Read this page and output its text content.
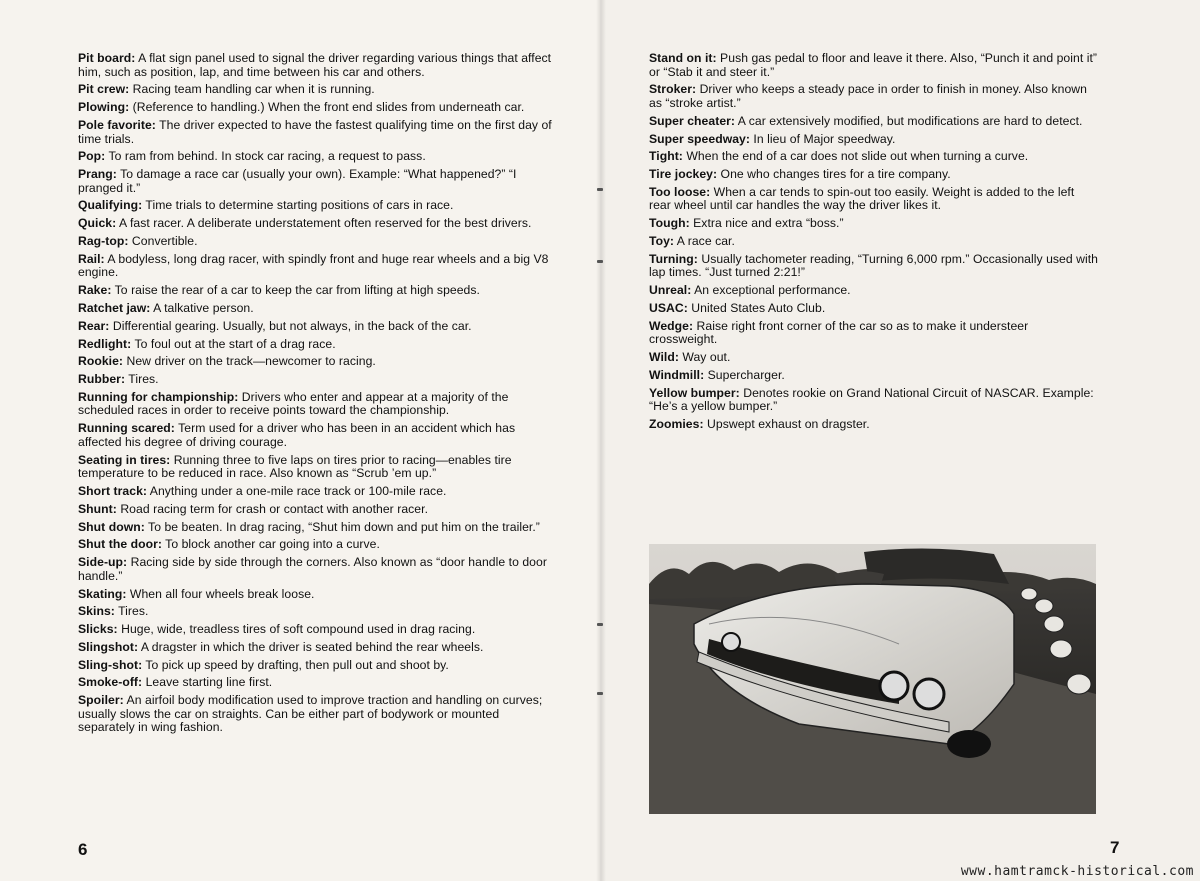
Pit board: A flat sign panel used to signal the driver regarding various things that affect him, such as position, lap, and time between his car and others.
Pit crew: Racing team handling car when it is running.
Plowing: (Reference to handling.) When the front end slides from underneath car.
Pole favorite: The driver expected to have the fastest qualifying time on the first day of time trials.
Pop: To ram from behind. In stock car racing, a request to pass.
Prang: To damage a race car (usually your own). Example: “What happened?” “I pranged it.”
Qualifying: Time trials to determine starting positions of cars in race.
Quick: A fast racer. A deliberate understatement often reserved for the best drivers.
Rag-top: Convertible.
Rail: A bodyless, long drag racer, with spindly front and huge rear wheels and a big V8 engine.
Rake: To raise the rear of a car to keep the car from lifting at high speeds.
Ratchet jaw: A talkative person.
Rear: Differential gearing. Usually, but not always, in the back of the car.
Redlight: To foul out at the start of a drag race.
Rookie: New driver on the track—newcomer to racing.
Rubber: Tires.
Running for championship: Drivers who enter and appear at a majority of the scheduled races in order to receive points toward the championship.
Running scared: Term used for a driver who has been in an accident which has affected his degree of driving courage.
Seating in tires: Running three to five laps on tires prior to racing—enables tire temperature to be reduced in race. Also known as “Scrub ’em up.”
Short track: Anything under a one-mile race track or 100-mile race.
Shunt: Road racing term for crash or contact with another racer.
Shut down: To be beaten. In drag racing, “Shut him down and put him on the trailer.”
Shut the door: To block another car going into a curve.
Side-up: Racing side by side through the corners. Also known as “door handle to door handle.”
Skating: When all four wheels break loose.
Skins: Tires.
Slicks: Huge, wide, treadless tires of soft compound used in drag racing.
Slingshot: A dragster in which the driver is seated behind the rear wheels.
Sling-shot: To pick up speed by drafting, then pull out and shoot by.
Smoke-off: Leave starting line first.
Spoiler: An airfoil body modification used to improve traction and handling on curves; usually slows the car on straights. Can be either part of bodywork or mounted separately in wing fashion.
6
Stand on it: Push gas pedal to floor and leave it there. Also, “Punch it and point it” or “Stab it and steer it.”
Stroker: Driver who keeps a steady pace in order to finish in money. Also known as “stroke artist.”
Super cheater: A car extensively modified, but modifications are hard to detect.
Super speedway: In lieu of Major speedway.
Tight: When the end of a car does not slide out when turning a curve.
Tire jockey: One who changes tires for a tire company.
Too loose: When a car tends to spin-out too easily. Weight is added to the left rear wheel until car handles the way the driver likes it.
Tough: Extra nice and extra “boss.”
Toy: A race car.
Turning: Usually tachometer reading, “Turning 6,000 rpm.” Occasionally used with lap times. “Just turned 2:21!”
Unreal: An exceptional performance.
USAC: United States Auto Club.
Wedge: Raise right front corner of the car so as to make it understeer crossweight.
Wild: Way out.
Windmill: Supercharger.
Yellow bumper: Denotes rookie on Grand National Circuit of NASCAR. Example: “He’s a yellow bumper.”
Zoomies: Upswept exhaust on dragster.
7
www.hamtramck-historical.com
